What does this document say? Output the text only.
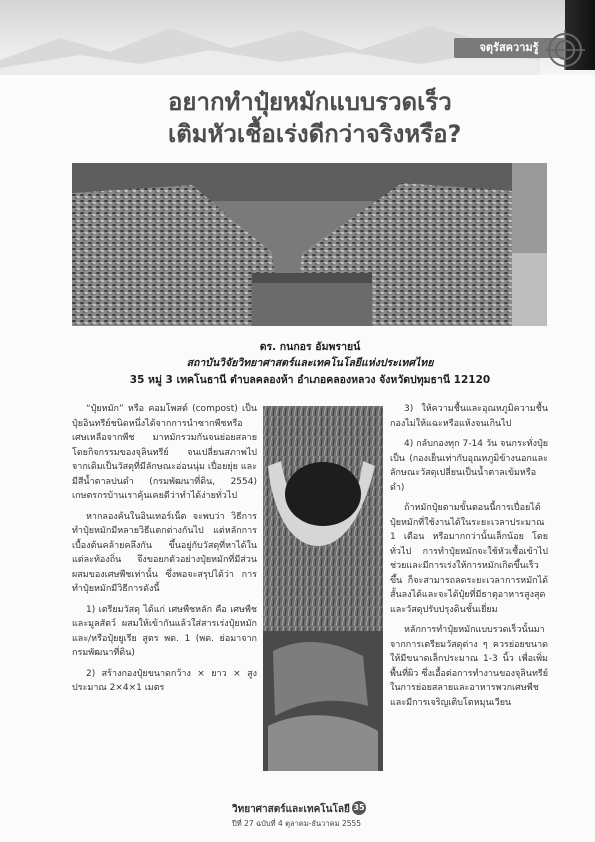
จตุรัสความรู้
อยากทำปุ๋ยหมักแบบรวดเร็ว
เติมหัวเชื้อเร่งดีกว่าจริงหรือ?
ดร. กนกอร อัมพรายน์
สถาบันวิจัยวิทยาศาสตร์และเทคโนโลยีแห่งประเทศไทย
35 หมู่ 3 เทคโนธานี ตำบลคลองห้า อำเภอคลองหลวง จังหวัดปทุมธานี 12120

“ปุ๋ยหมัก” หรือ คอมโพสต์ (compost) เป็นปุ๋ยอินทรีย์ชนิดหนึ่งได้จากการนำซากพืชหรือเศษเหลือจากพืช มาหมักรวมกันจนย่อยสลายโดยกิจกรรมของจุลินทรีย์ จนเปลี่ยนสภาพไปจากเดิมเป็นวัสดุที่มีลักษณะอ่อนนุ่ม เปื่อยยุ่ย และมีสีน้ำตาลปนดำ (กรมพัฒนาที่ดิน, 2554) เกษตรกรบ้านเราคุ้นเคยดีว่าทำได้ง่ายทั่วไป

หากลองค้นในอินเทอร์เน็ต จะพบว่า วิธีการทำปุ๋ยหมักมีหลายวิธีแตกต่างกันไป แต่หลักการเบื้องต้นคล้ายคลึงกัน ขึ้นอยู่กับวัสดุที่หาได้ในแต่ละท้องถิ่น จึงขอยกตัวอย่างปุ๋ยหมักที่มีส่วนผสมของเศษพืชเท่านั้น ซึ่งพอจะสรุปได้ว่า การทำปุ๋ยหมักมีวิธีการดังนี้

1) เตรียมวัสดุ ได้แก่ เศษพืชหลัก คือ เศษพืชและมูลสัตว์ ผสมให้เข้ากันแล้วใส่สารเร่งปุ๋ยหมัก และ/หรือปุ๋ยยูเรีย สูตร พด. 1 (พด. ย่อมาจาก กรมพัฒนาที่ดิน)

2) สร้างกองปุ๋ยขนาดกว้าง × ยาว × สูง ประมาณ 2×4×1 เมตร

3) ให้ความชื้นและอุณหภูมิความชื้นกองไม่ให้แฉะหรือแห้งจนเกินไป

4) กลับกองทุก 7-14 วัน จนกระทั่งปุ๋ยเป็น (กองเย็นเท่ากับอุณหภูมิข้างนอกและลักษณะวัสดุเปลี่ยนเป็นน้ำตาลเข้มหรือดำ)

ถ้าหมักปุ๋ยตามขั้นตอนนี้การเปื่อยได้ปุ๋ยหมักที่ใช้งานได้ในระยะเวลาประมาณ 1 เดือน หรือมากกว่านั้นเล็กน้อย โดยทั่วไป การทำปุ๋ยหมักจะใช้หัวเชื้อเข้าไปช่วยและมีการเร่งให้การหมักเกิดขึ้นเร็วขึ้น ก็จะสามารถลดระยะเวลาการหมักได้สั้นลงได้และจะได้ปุ๋ยที่มีธาตุอาหารสูงสุด และวัสดุปรับปรุงดินชั้นเยี่ยม

หลักการทำปุ๋ยหมักแบบรวดเร็วนั้นมาจากการเตรียมวัสดุต่าง ๆ ควรย่อยขนาดให้มีขนาดเล็กประมาณ 1-3 นิ้ว เพื่อเพิ่มพื้นที่ผิว ซึ่งเอื้อต่อการทำงานของจุลินทรีย์ในการย่อยสลายและอาหารพวกเศษพืช และมีการเจริญเติบโตหมุนเวียน

วิทยาศาสตร์และเทคโนโลยี 35
ปีที่ 27 ฉบับที่ 4 ตุลาคม-ธันวาคม 2555
